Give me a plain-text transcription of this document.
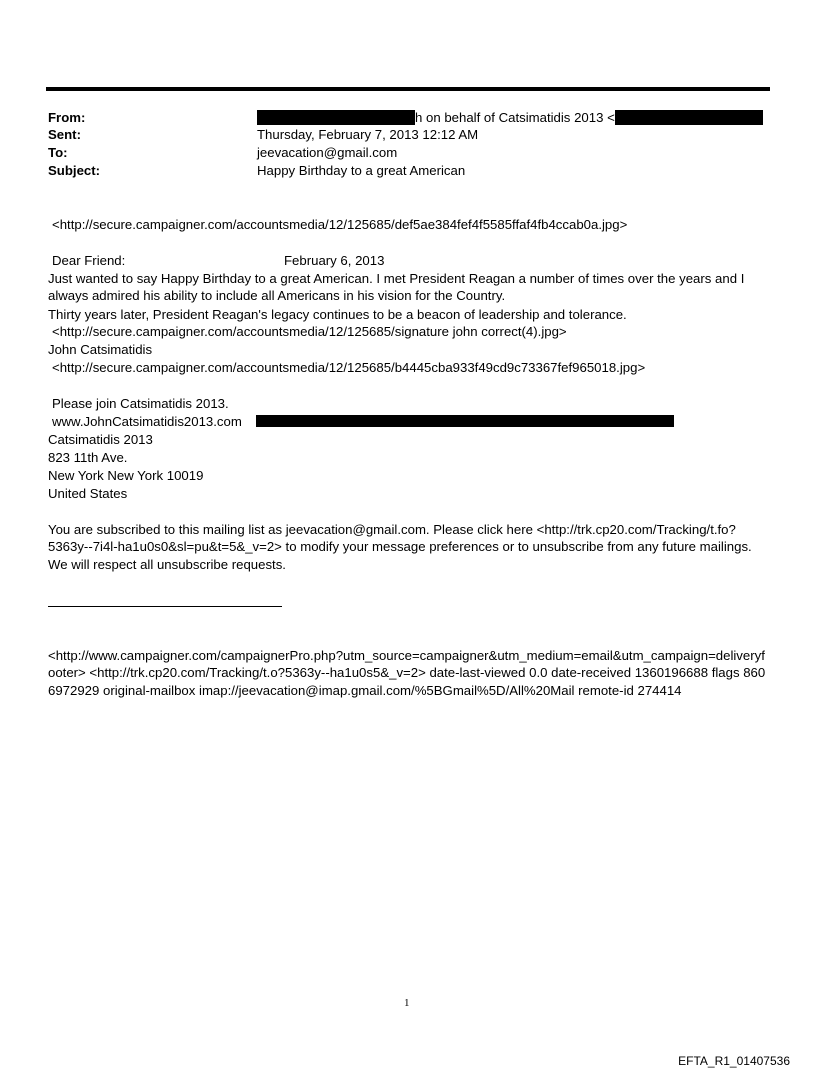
From:	h on behalf of Catsimatidis 2013 <
Sent:	Thursday, February 7, 2013 12:12 AM
To:	jeevacation@gmail.com
Subject:	Happy Birthday to a great American
<http://secure.campaigner.com/accountsmedia/12/125685/def5ae384fef4f5585ffaf4fb4ccab0a.jpg>
Dear Friend:	February 6, 2013
Just wanted to say Happy Birthday to a great American. I met President Reagan a number of times over the years and I always admired his ability to include all Americans in his vision for the Country.
Thirty years later, President Reagan's legacy continues to be a beacon of leadership and tolerance.
<http://secure.campaigner.com/accountsmedia/12/125685/signature john correct(4).jpg>
John Catsimatidis
<http://secure.campaigner.com/accountsmedia/12/125685/b4445cba933f49cd9c73367fef965018.jpg>
Please join Catsimatidis 2013.
www.JohnCatsimatidis2013.com
Catsimatidis 2013
823 11th Ave.
New York New York 10019
United States
You are subscribed to this mailing list as jeevacation@gmail.com. Please click here <http://trk.cp20.com/Tracking/t.fo?5363y--7i4l-ha1u0s0&sl=pu&t=5&_v=2> to modify your message preferences or to unsubscribe from any future mailings. We will respect all unsubscribe requests.
<http://www.campaigner.com/campaignerPro.php?utm_source=campaigner&utm_medium=email&utm_campaign=deliveryfooter> <http://trk.cp20.com/Tracking/t.o?5363y--ha1u0s5&_v=2> date-last-viewed 0.0 date-received 1360196688 flags 8606972929 original-mailbox imap://jeevacation@imap.gmail.com/%5BGmail%5D/All%20Mail remote-id 274414
1
EFTA_R1_01407536
